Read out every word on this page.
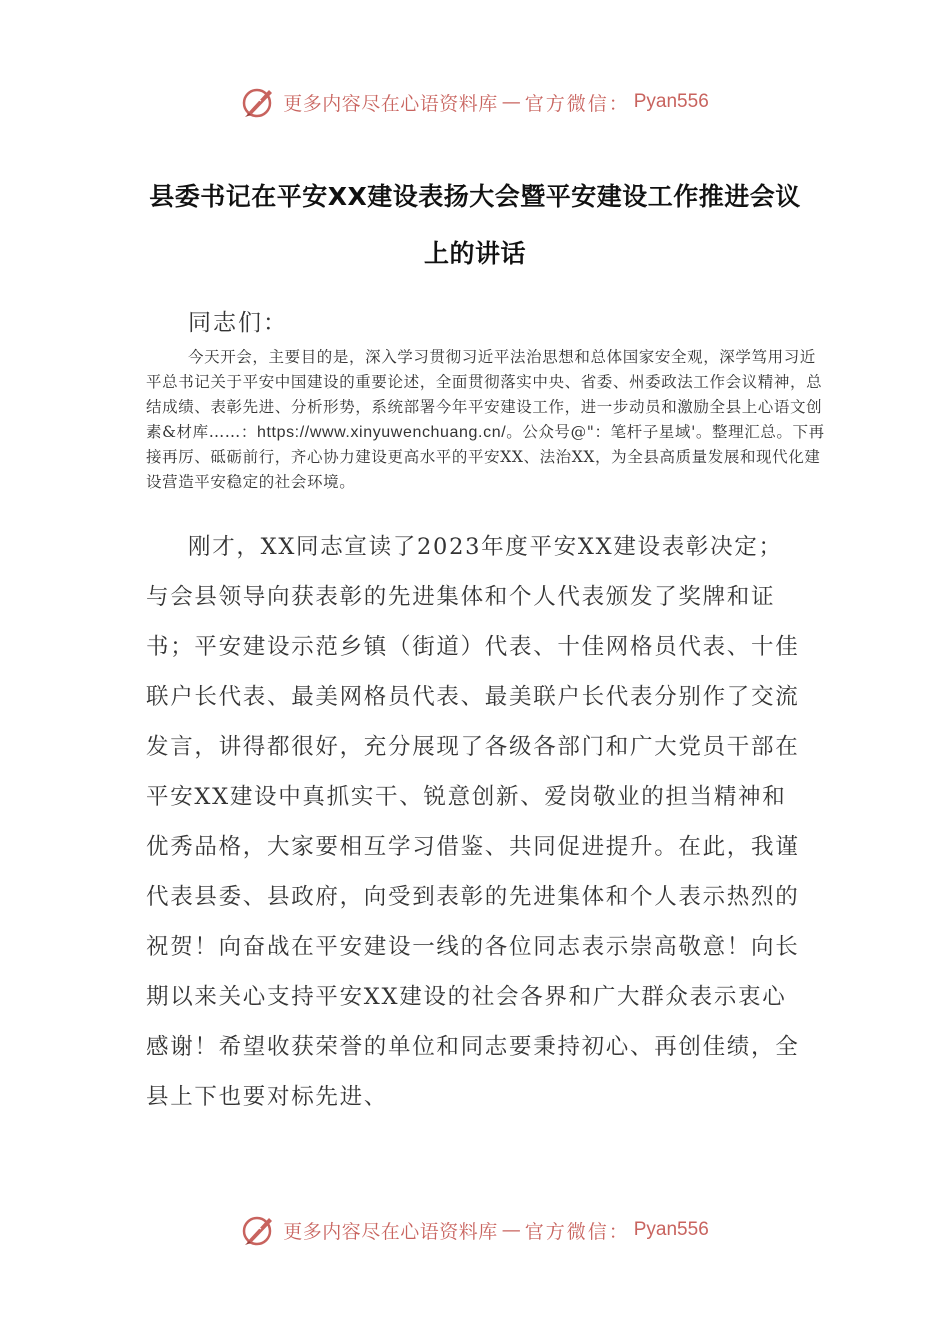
更多内容尽在心语资料库 — 官方微信： Pyan556
县委书记在平安XX建设表扬大会暨平安建设工作推进会议
上的讲话
同志们：
今天开会，主要目的是，深入学习贯彻习近平法治思想和总体国家安全观，深学笃用习近平总书记关于平安中国建设的重要论述，全面贯彻落实中央、省委、州委政法工作会议精神，总结成绩、表彰先进、分析形势，系统部署今年平安建设工作，进一步动员和激励全县上心语文创素&材库……：https://www.xinyuwenchuang.cn/。公众号@"：笔杆子星域'。整理汇总。下再接再厉、砥砺前行，齐心协力建设更高水平的平安XX、法治XX，为全县高质量发展和现代化建设营造平安稳定的社会环境。
刚才，XX同志宣读了2023年度平安XX建设表彰决定；与会县领导向获表彰的先进集体和个人代表颁发了奖牌和证书；平安建设示范乡镇（街道）代表、十佳网格员代表、十佳联户长代表、最美网格员代表、最美联户长代表分别作了交流发言，讲得都很好，充分展现了各级各部门和广大党员干部在平安XX建设中真抓实干、锐意创新、爱岗敬业的担当精神和优秀品格，大家要相互学习借鉴、共同促进提升。在此，我谨代表县委、县政府，向受到表彰的先进集体和个人表示热烈的祝贺！向奋战在平安建设一线的各位同志表示崇高敬意！向长期以来关心支持平安XX建设的社会各界和广大群众表示衷心感谢！希望收获荣誉的单位和同志要秉持初心、再创佳绩，全县上下也要对标先进、
更多内容尽在心语资料库 — 官方微信： Pyan556
